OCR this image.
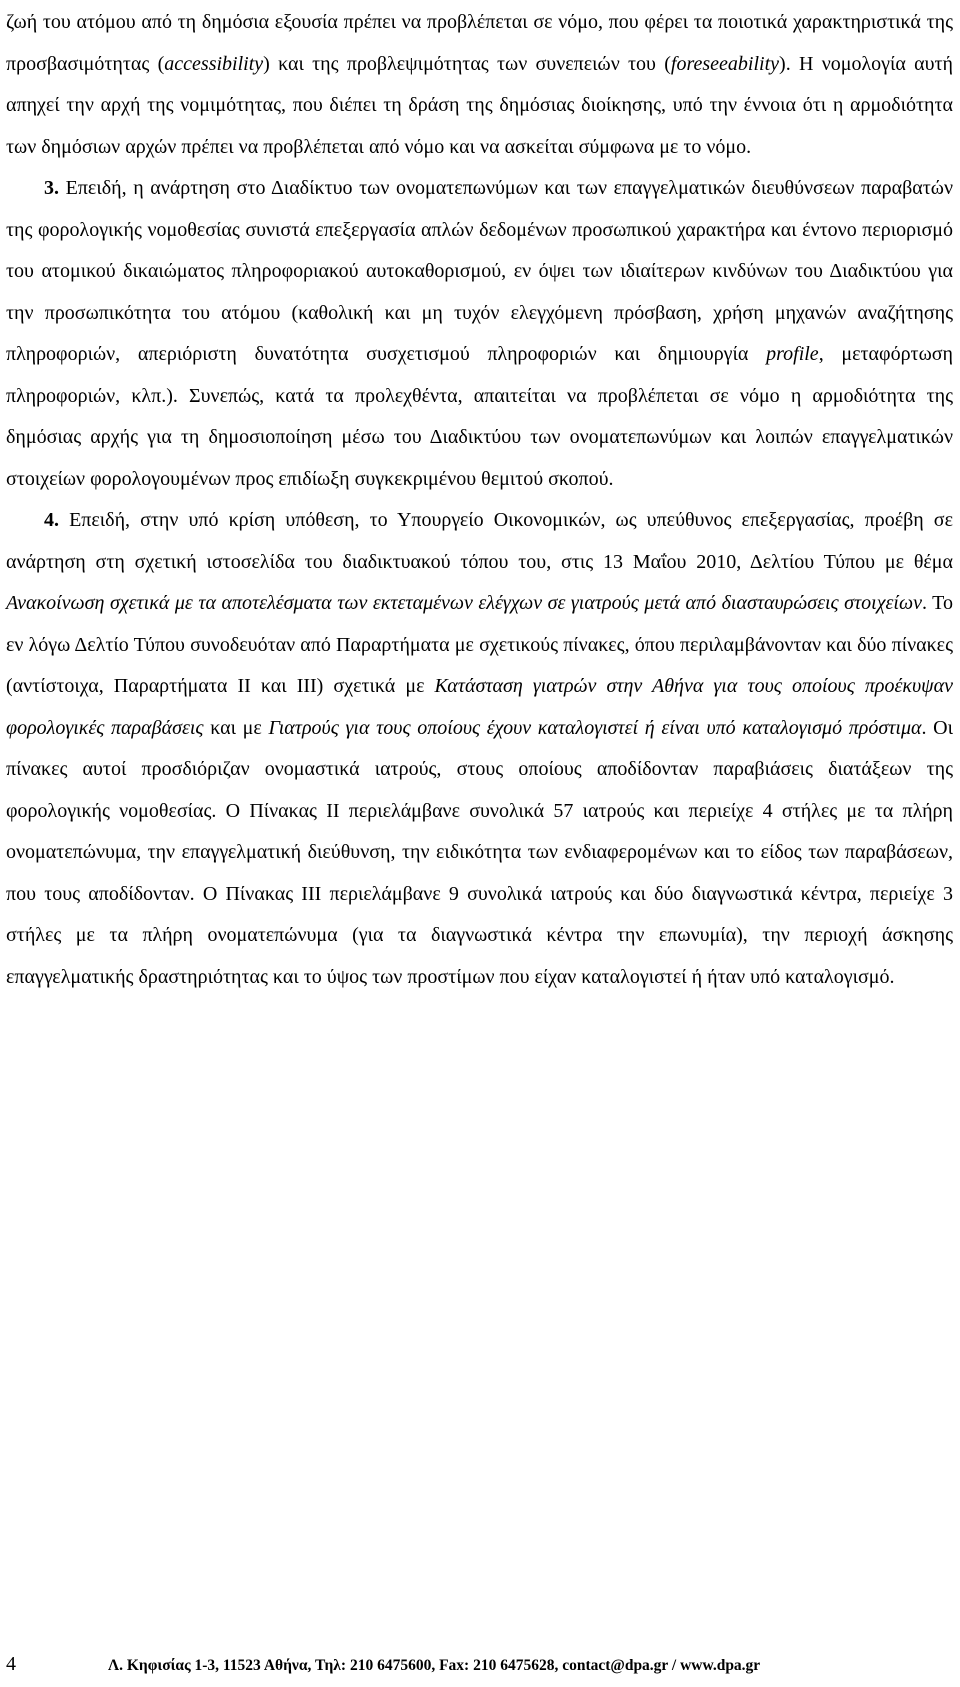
ζωή του ατόμου από τη δημόσια εξουσία πρέπει να προβλέπεται σε νόμο, που φέρει τα ποιοτικά χαρακτηριστικά της προσβασιμότητας (accessibility) και της προβλεψιμότητας των συνεπειών του (foreseeability). Η νομολογία αυτή απηχεί την αρχή της νομιμότητας, που διέπει τη δράση της δημόσιας διοίκησης, υπό την έννοια ότι η αρμοδιότητα των δημόσιων αρχών πρέπει να προβλέπεται από νόμο και να ασκείται σύμφωνα με το νόμο.

3. Επειδή, η ανάρτηση στο Διαδίκτυο των ονοματεπωνύμων και των επαγγελματικών διευθύνσεων παραβατών της φορολογικής νομοθεσίας συνιστά επεξεργασία απλών δεδομένων προσωπικού χαρακτήρα και έντονο περιορισμό του ατομικού δικαιώματος πληροφοριακού αυτοκαθορισμού, εν όψει των ιδιαίτερων κινδύνων του Διαδικτύου για την προσωπικότητα του ατόμου (καθολική και μη τυχόν ελεγχόμενη πρόσβαση, χρήση μηχανών αναζήτησης πληροφοριών, απεριόριστη δυνατότητα συσχετισμού πληροφοριών και δημιουργία profile, μεταφόρτωση πληροφοριών, κλπ.). Συνεπώς, κατά τα προλεχθέντα, απαιτείται να προβλέπεται σε νόμο η αρμοδιότητα της δημόσιας αρχής για τη δημοσιοποίηση μέσω του Διαδικτύου των ονοματεπωνύμων και λοιπών επαγγελματικών στοιχείων φορολογουμένων προς επιδίωξη συγκεκριμένου θεμιτού σκοπού.

4. Επειδή, στην υπό κρίση υπόθεση, το Υπουργείο Οικονομικών, ως υπεύθυνος επεξεργασίας, προέβη σε ανάρτηση στη σχετική ιστοσελίδα του διαδικτυακού τόπου του, στις 13 Μαΐου 2010, Δελτίου Τύπου με θέμα Ανακοίνωση σχετικά με τα αποτελέσματα των εκτεταμένων ελέγχων σε γιατρούς μετά από διασταυρώσεις στοιχείων. Το εν λόγω Δελτίο Τύπου συνοδευόταν από Παραρτήματα με σχετικούς πίνακες, όπου περιλαμβάνονταν και δύο πίνακες (αντίστοιχα, Παραρτήματα ΙΙ και ΙΙΙ) σχετικά με Κατάσταση γιατρών στην Αθήνα για τους οποίους προέκυψαν φορολογικές παραβάσεις και με Γιατρούς για τους οποίους έχουν καταλογιστεί ή είναι υπό καταλογισμό πρόστιμα. Οι πίνακες αυτοί προσδιόριζαν ονομαστικά ιατρούς, στους οποίους αποδίδονταν παραβιάσεις διατάξεων της φορολογικής νομοθεσίας. Ο Πίνακας ΙΙ περιελάμβανε συνολικά 57 ιατρούς και περιείχε 4 στήλες με τα πλήρη ονοματεπώνυμα, την επαγγελματική διεύθυνση, την ειδικότητα των ενδιαφερομένων και το είδος των παραβάσεων, που τους αποδίδονταν. Ο Πίνακας ΙΙΙ περιελάμβανε 9 συνολικά ιατρούς και δύο διαγνωστικά κέντρα, περιείχε 3 στήλες με τα πλήρη ονοματεπώνυμα (για τα διαγνωστικά κέντρα την επωνυμία), την περιοχή άσκησης επαγγελματικής δραστηριότητας και το ύψος των προστίμων που είχαν καταλογιστεί ή ήταν υπό καταλογισμό.

4	Λ. Κηφισίας 1-3, 11523 Αθήνα, Τηλ: 210 6475600, Fax: 210 6475628, contact@dpa.gr / www.dpa.gr
